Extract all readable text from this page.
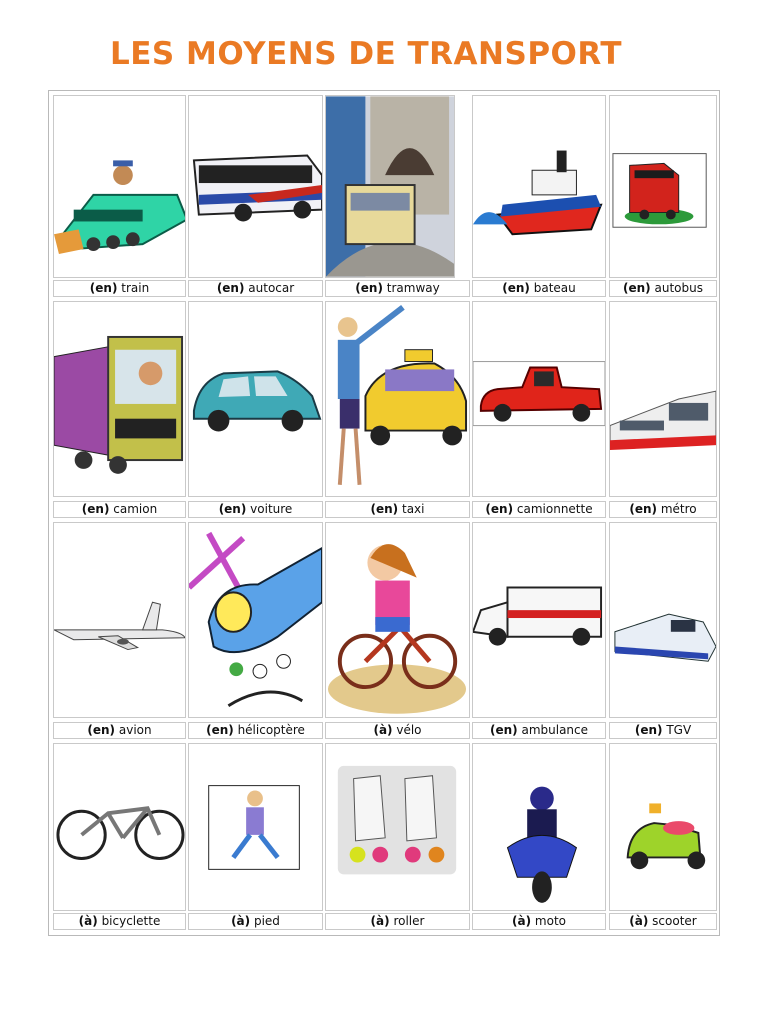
LES MOYENS DE TRANSPORT
(en) train	(en) autocar	(en) tramway	(en) bateau	(en) autobus
(en) camion	(en) voiture	(en) taxi	(en) camionnette	(en) métro
(en) avion	(en) hélicoptère	(à) vélo	(en) ambulance	(en) TGV
(à) bicyclette	(à) pied	(à) roller	(à) moto	(à) scooter
